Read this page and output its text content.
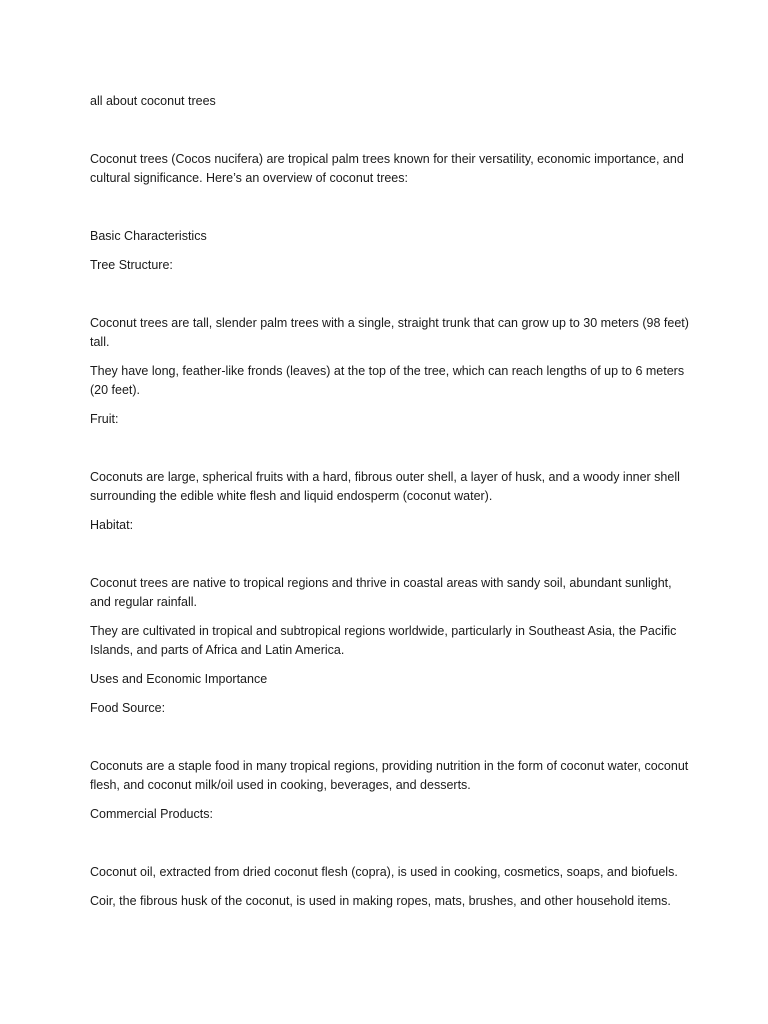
all about coconut trees

Coconut trees (Cocos nucifera) are tropical palm trees known for their versatility, economic importance, and cultural significance. Here’s an overview of coconut trees:

Basic Characteristics

Tree Structure:

Coconut trees are tall, slender palm trees with a single, straight trunk that can grow up to 30 meters (98 feet) tall.

They have long, feather-like fronds (leaves) at the top of the tree, which can reach lengths of up to 6 meters (20 feet).

Fruit:

Coconuts are large, spherical fruits with a hard, fibrous outer shell, a layer of husk, and a woody inner shell surrounding the edible white flesh and liquid endosperm (coconut water).

Habitat:

Coconut trees are native to tropical regions and thrive in coastal areas with sandy soil, abundant sunlight, and regular rainfall.

They are cultivated in tropical and subtropical regions worldwide, particularly in Southeast Asia, the Pacific Islands, and parts of Africa and Latin America.

Uses and Economic Importance

Food Source:

Coconuts are a staple food in many tropical regions, providing nutrition in the form of coconut water, coconut flesh, and coconut milk/oil used in cooking, beverages, and desserts.

Commercial Products:

Coconut oil, extracted from dried coconut flesh (copra), is used in cooking, cosmetics, soaps, and biofuels.

Coir, the fibrous husk of the coconut, is used in making ropes, mats, brushes, and other household items.
